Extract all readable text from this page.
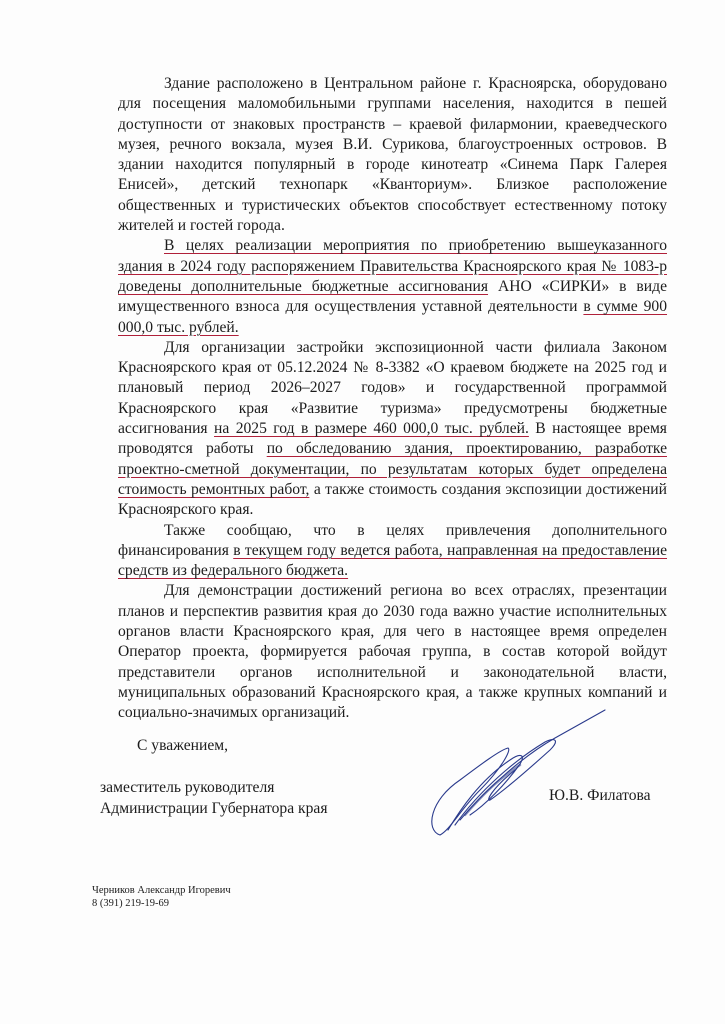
Здание расположено в Центральном районе г. Красноярска, оборудовано для посещения маломобильными группами населения, находится в пешей доступности от знаковых пространств – краевой филармонии, краеведческого музея, речного вокзала, музея В.И. Сурикова, благоустроенных островов. В здании находится популярный в городе кинотеатр «Синема Парк Галерея Енисей», детский технопарк «Кванториум». Близкое расположение общественных и туристических объектов способствует естественному потоку жителей и гостей города.

В целях реализации мероприятия по приобретению вышеуказанного здания в 2024 году распоряжением Правительства Красноярского края № 1083-р доведены дополнительные бюджетные ассигнования АНО «СИРКИ» в виде имущественного взноса для осуществления уставной деятельности в сумме 900 000,0 тыс. рублей.

Для организации застройки экспозиционной части филиала Законом Красноярского края от 05.12.2024 № 8-3382 «О краевом бюджете на 2025 год и плановый период 2026–2027 годов» и государственной программой Красноярского края «Развитие туризма» предусмотрены бюджетные ассигнования на 2025 год в размере 460 000,0 тыс. рублей. В настоящее время проводятся работы по обследованию здания, проектированию, разработке проектно-сметной документации, по результатам которых будет определена стоимость ремонтных работ, а также стоимость создания экспозиции достижений Красноярского края.

Также сообщаю, что в целях привлечения дополнительного финансирования в текущем году ведется работа, направленная на предоставление средств из федерального бюджета.

Для демонстрации достижений региона во всех отраслях, презентации планов и перспектив развития края до 2030 года важно участие исполнительных органов власти Красноярского края, для чего в настоящее время определен Оператор проекта, формируется рабочая группа, в состав которой войдут представители органов исполнительной и законодательной власти, муниципальных образований Красноярского края, а также крупных компаний и социально-значимых организаций.

С уважением,
заместитель руководителя
Администрации Губернатора края
Ю.В. Филатова
Черников Александр Игоревич
8 (391) 219-19-69
